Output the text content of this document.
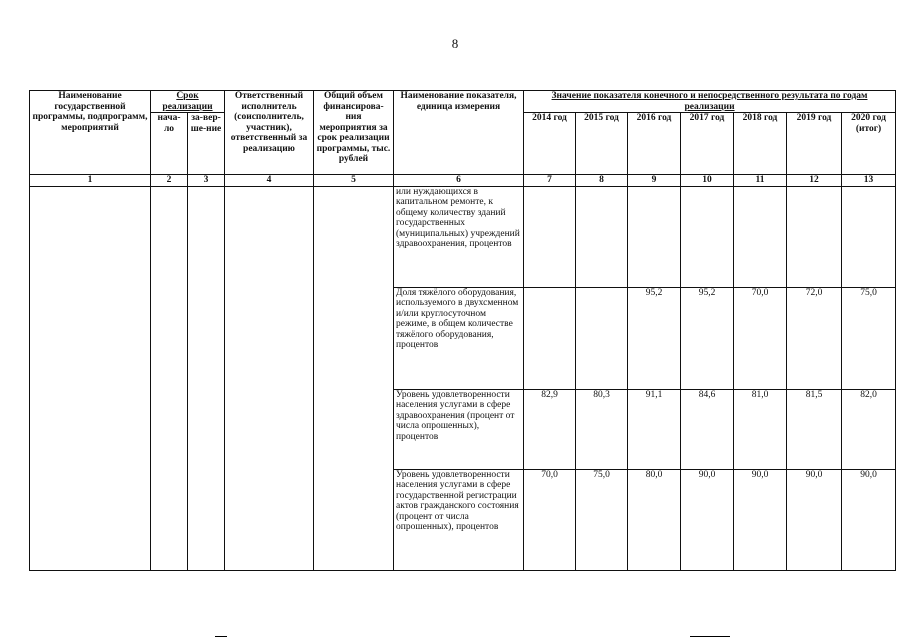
8
Наименование государственной программы, подпрограмм, мероприятий	Срок реализации		Ответственный исполнитель (соисполнитель, участник), ответственный за реализацию	Общий объем финансирова-ния мероприятия за срок реализации программы, тыс. рублей	Наименование показателя, единица измерения	Значение показателя конечного и непосредственного результата по годам реализации						
	нача-ло	за-вер-ше-ние				2014 год	2015 год	2016 год	2017 год	2018 год	2019 год	2020 год (итог)
1	2	3	4	5	6	7	8	9	10	11	12	13
					или нуждающихся в капитальном ремонте, к общему количеству зданий государственных (муниципальных) учреждений здравоохранения, процентов							
					Доля тяжёлого оборудования, используемого в двухсменном и/или круглосуточном режиме, в общем количестве тяжёлого оборудования, процентов			95,2	95,2	70,0	72,0	75,0
					Уровень удовлетворенности населения услугами в сфере здравоохранения (процент от числа опрошенных), процентов	82,9	80,3	91,1	84,6	81,0	81,5	82,0
					Уровень удовлетворенности населения услугами в сфере государственной регистрации актов гражданского состояния (процент от числа опрошенных), процентов	70,0	75,0	80,0	90,0	90,0	90,0	90,0
